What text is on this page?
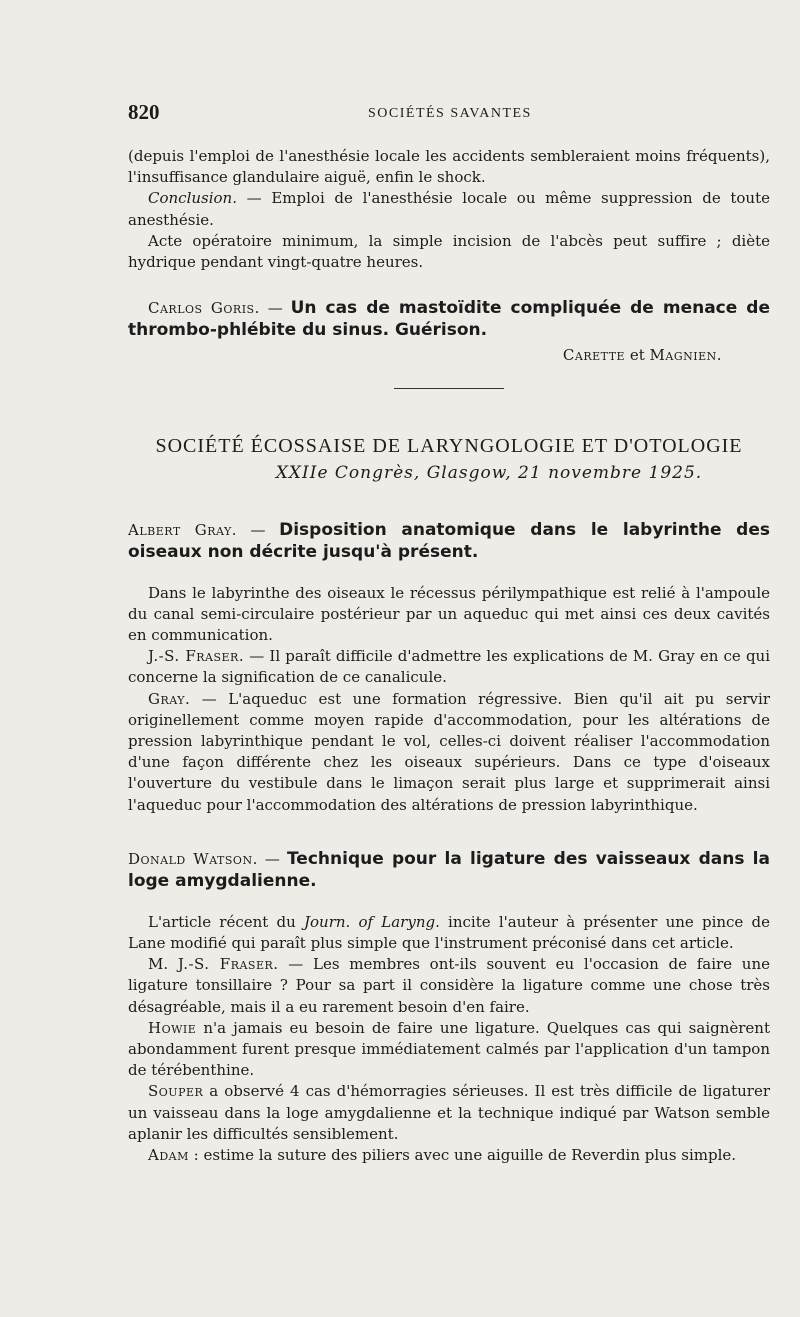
820	SOCIÉTÉS SAVANTES

(depuis l'emploi de l'anesthésie locale les accidents sembleraient moins fréquents), l'insuffisance glandulaire aiguë, enfin le shock.

Conclusion. — Emploi de l'anesthésie locale ou même suppression de toute anesthésie.

Acte opératoire minimum, la simple incision de l'abcès peut suffire ; diète hydrique pendant vingt-quatre heures.

Carlos Goris. — Un cas de mastoïdite compliquée de menace de thrombo-phlébite du sinus. Guérison.

Carette et Magnien.

SOCIÉTÉ ÉCOSSAISE DE LARYNGOLOGIE ET D'OTOLOGIE

XXIIe Congrès, Glasgow, 21 novembre 1925.

Albert Gray. — Disposition anatomique dans le labyrinthe des oiseaux non décrite jusqu'à présent.

Dans le labyrinthe des oiseaux le récessus périlympathique est relié à l'ampoule du canal semi-circulaire postérieur par un aqueduc qui met ainsi ces deux cavités en communication.

J.-S. Fraser. — Il paraît difficile d'admettre les explications de M. Gray en ce qui concerne la signification de ce canalicule.

Gray. — L'aqueduc est une formation régressive. Bien qu'il ait pu servir originellement comme moyen rapide d'accommodation, pour les altérations de pression labyrinthique pendant le vol, celles-ci doivent réaliser l'accommodation d'une façon différente chez les oiseaux supérieurs. Dans ce type d'oiseaux l'ouverture du vestibule dans le limaçon serait plus large et supprimerait ainsi l'aqueduc pour l'accommodation des altérations de pression labyrinthique.

Donald Watson. — Technique pour la ligature des vaisseaux dans la loge amygdalienne.

L'article récent du Journ. of Laryng. incite l'auteur à présenter une pince de Lane modifié qui paraît plus simple que l'instrument préconisé dans cet article.

M. J.-S. Fraser. — Les membres ont-ils souvent eu l'occasion de faire une ligature tonsillaire ? Pour sa part il considère la ligature comme une chose très désagréable, mais il a eu rarement besoin d'en faire.

Howie n'a jamais eu besoin de faire une ligature. Quelques cas qui saignèrent abondamment furent presque immédiatement calmés par l'application d'un tampon de térébenthine.

Souper a observé 4 cas d'hémorragies sérieuses. Il est très difficile de ligaturer un vaisseau dans la loge amygdalienne et la technique indiqué par Watson semble aplanir les difficultés sensiblement.

Adam : estime la suture des piliers avec une aiguille de Reverdin plus simple.
